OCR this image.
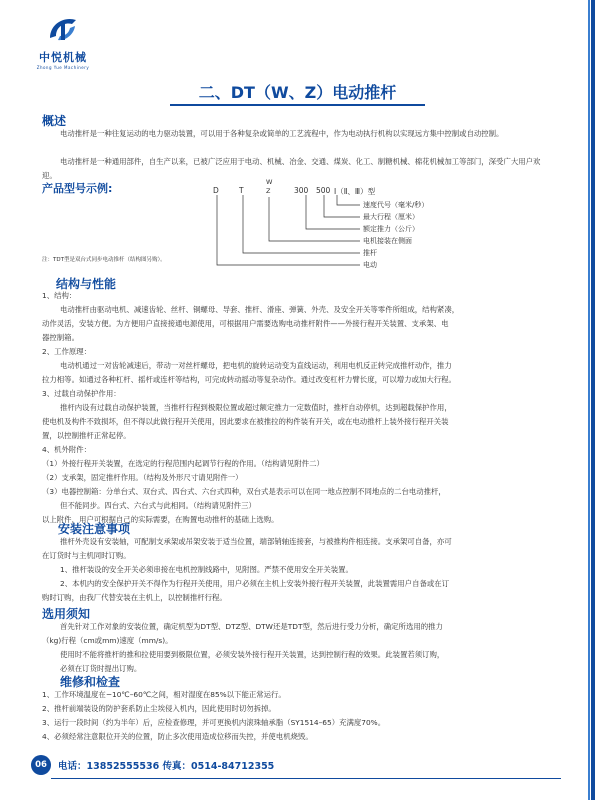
中悦机械
Zhong Yue Machinery
二、DT（W、Z）电动推杆
概述
电动推杆是一种往复运动的电力驱动装置，可以用于各种复杂或简单的工艺流程中，作为电动执行机构以实现远方集中控制或自动控制。
电动推杆是一种通用部件，自生产以来，已被广泛应用于电动、机械、冶金、交通、煤炭、化工、制糖机械、棉花机械加工等部门，深受广大用户欢迎。
产品型号示例:	D	T
W
Z	300 500 Ⅰ（Ⅱ、Ⅲ）型
速度代号（毫米/秒）
最大行程（厘米）
额定推力（公斤）
电机接装在侧面
推杆
电动
注：TDT型是双台式同步电动推杆（结构图另购）。
结构与性能
1、结构：
电动推杆由驱动电机、减速齿轮、丝杆、铜螺母、导套、推杆、滑座、弹簧、外壳、及安全开关等零件所组成，结构紧凑，
动作灵活，安装方便。为方便用户直接接通电源使用，可根据用户需要选购电动推杆附件——外接行程开关装置、支承架、电
器控制箱。
2、工作原理：
电动机通过一对齿轮减速后，带动一对丝杆螺母，把电机的旋转运动变为直线运动，利用电机反正转完成推杆动作，推力
拉力相等。如通过各种杠杆、摇杆或连杆等结构，可完成转动摇动等复杂动作。通过改变杠杆力臂长度，可以增力或加大行程。
3、过载自动保护作用：
推杆内设有过载自动保护装置，当推杆行程到极限位置或超过额定推力一定数值时，推杆自动停机，达到超载保护作用，
使电机及构件不致损坏，但不得以此做行程开关使用，因此要求在被推拉的构件装有开关，或在电动推杆上装外接行程开关装
置，以控制推杆正常起停。
4、机外附件：
（1）外接行程开关装置，在选定的行程范围内起调节行程的作用。（结构请见附件二）
（2）支承架，固定推杆作用。（结构及外形尺寸请见附件一）
（3）电器控制箱：分单台式、双台式、四台式、六台式四种，双台式是表示可以在同一地点控制不同地点的二台电动推杆，
但不能同步。四台式、六台式与此相同。（结构请见附件三）
以上附件，用户可根据自己的实际需要，在购置电动推杆的基础上选购。
安装注意事项
推杆外壳设有安装轴，可配制支承架或吊架安装于适当位置，端部销轴连接套，与被推构件相连接。支承架可自备，亦可
在订货时与主机同时订购。
1、推杆装设的安全开关必须串接在电机控制线路中，见附图。严禁不使用安全开关装置。
2、本机内的安全保护开关不得作为行程开关使用，用户必须在主机上安装外接行程开关装置，此装置需用户自备或在订
购时订购，由我厂代替安装在主机上，以控制推杆行程。
选用须知
首先针对工作对象的安装位置，确定机型为DT型、DTZ型、DTW还是TDT型，然后进行受力分析，确定所选用的推力
（kg)行程（cm或mm)速度（mm/s)。
使用时不能将推杆的推和拉使用要到极限位置，必须安装外接行程开关装置，达到控制行程的效果。此装置若须订购，
必须在订货时提出订购。
维修和检查
1、工作环境温度在−10℃–60℃之间，相对湿度在85%以下能正常运行。
2、推杆前端装设的防护套系防止尘埃侵入机内，因此使用时切勿拆掉。
3、运行一段时间（约为半年）后，应检查修理，并可更换机内滚珠轴承脂（SY1514–65）充满度70%。
4、必须经常注意限位开关的位置，防止多次使用造成位移而失控，并使电机烧毁。
06	电话：13852555536 传真：0514-84712355
